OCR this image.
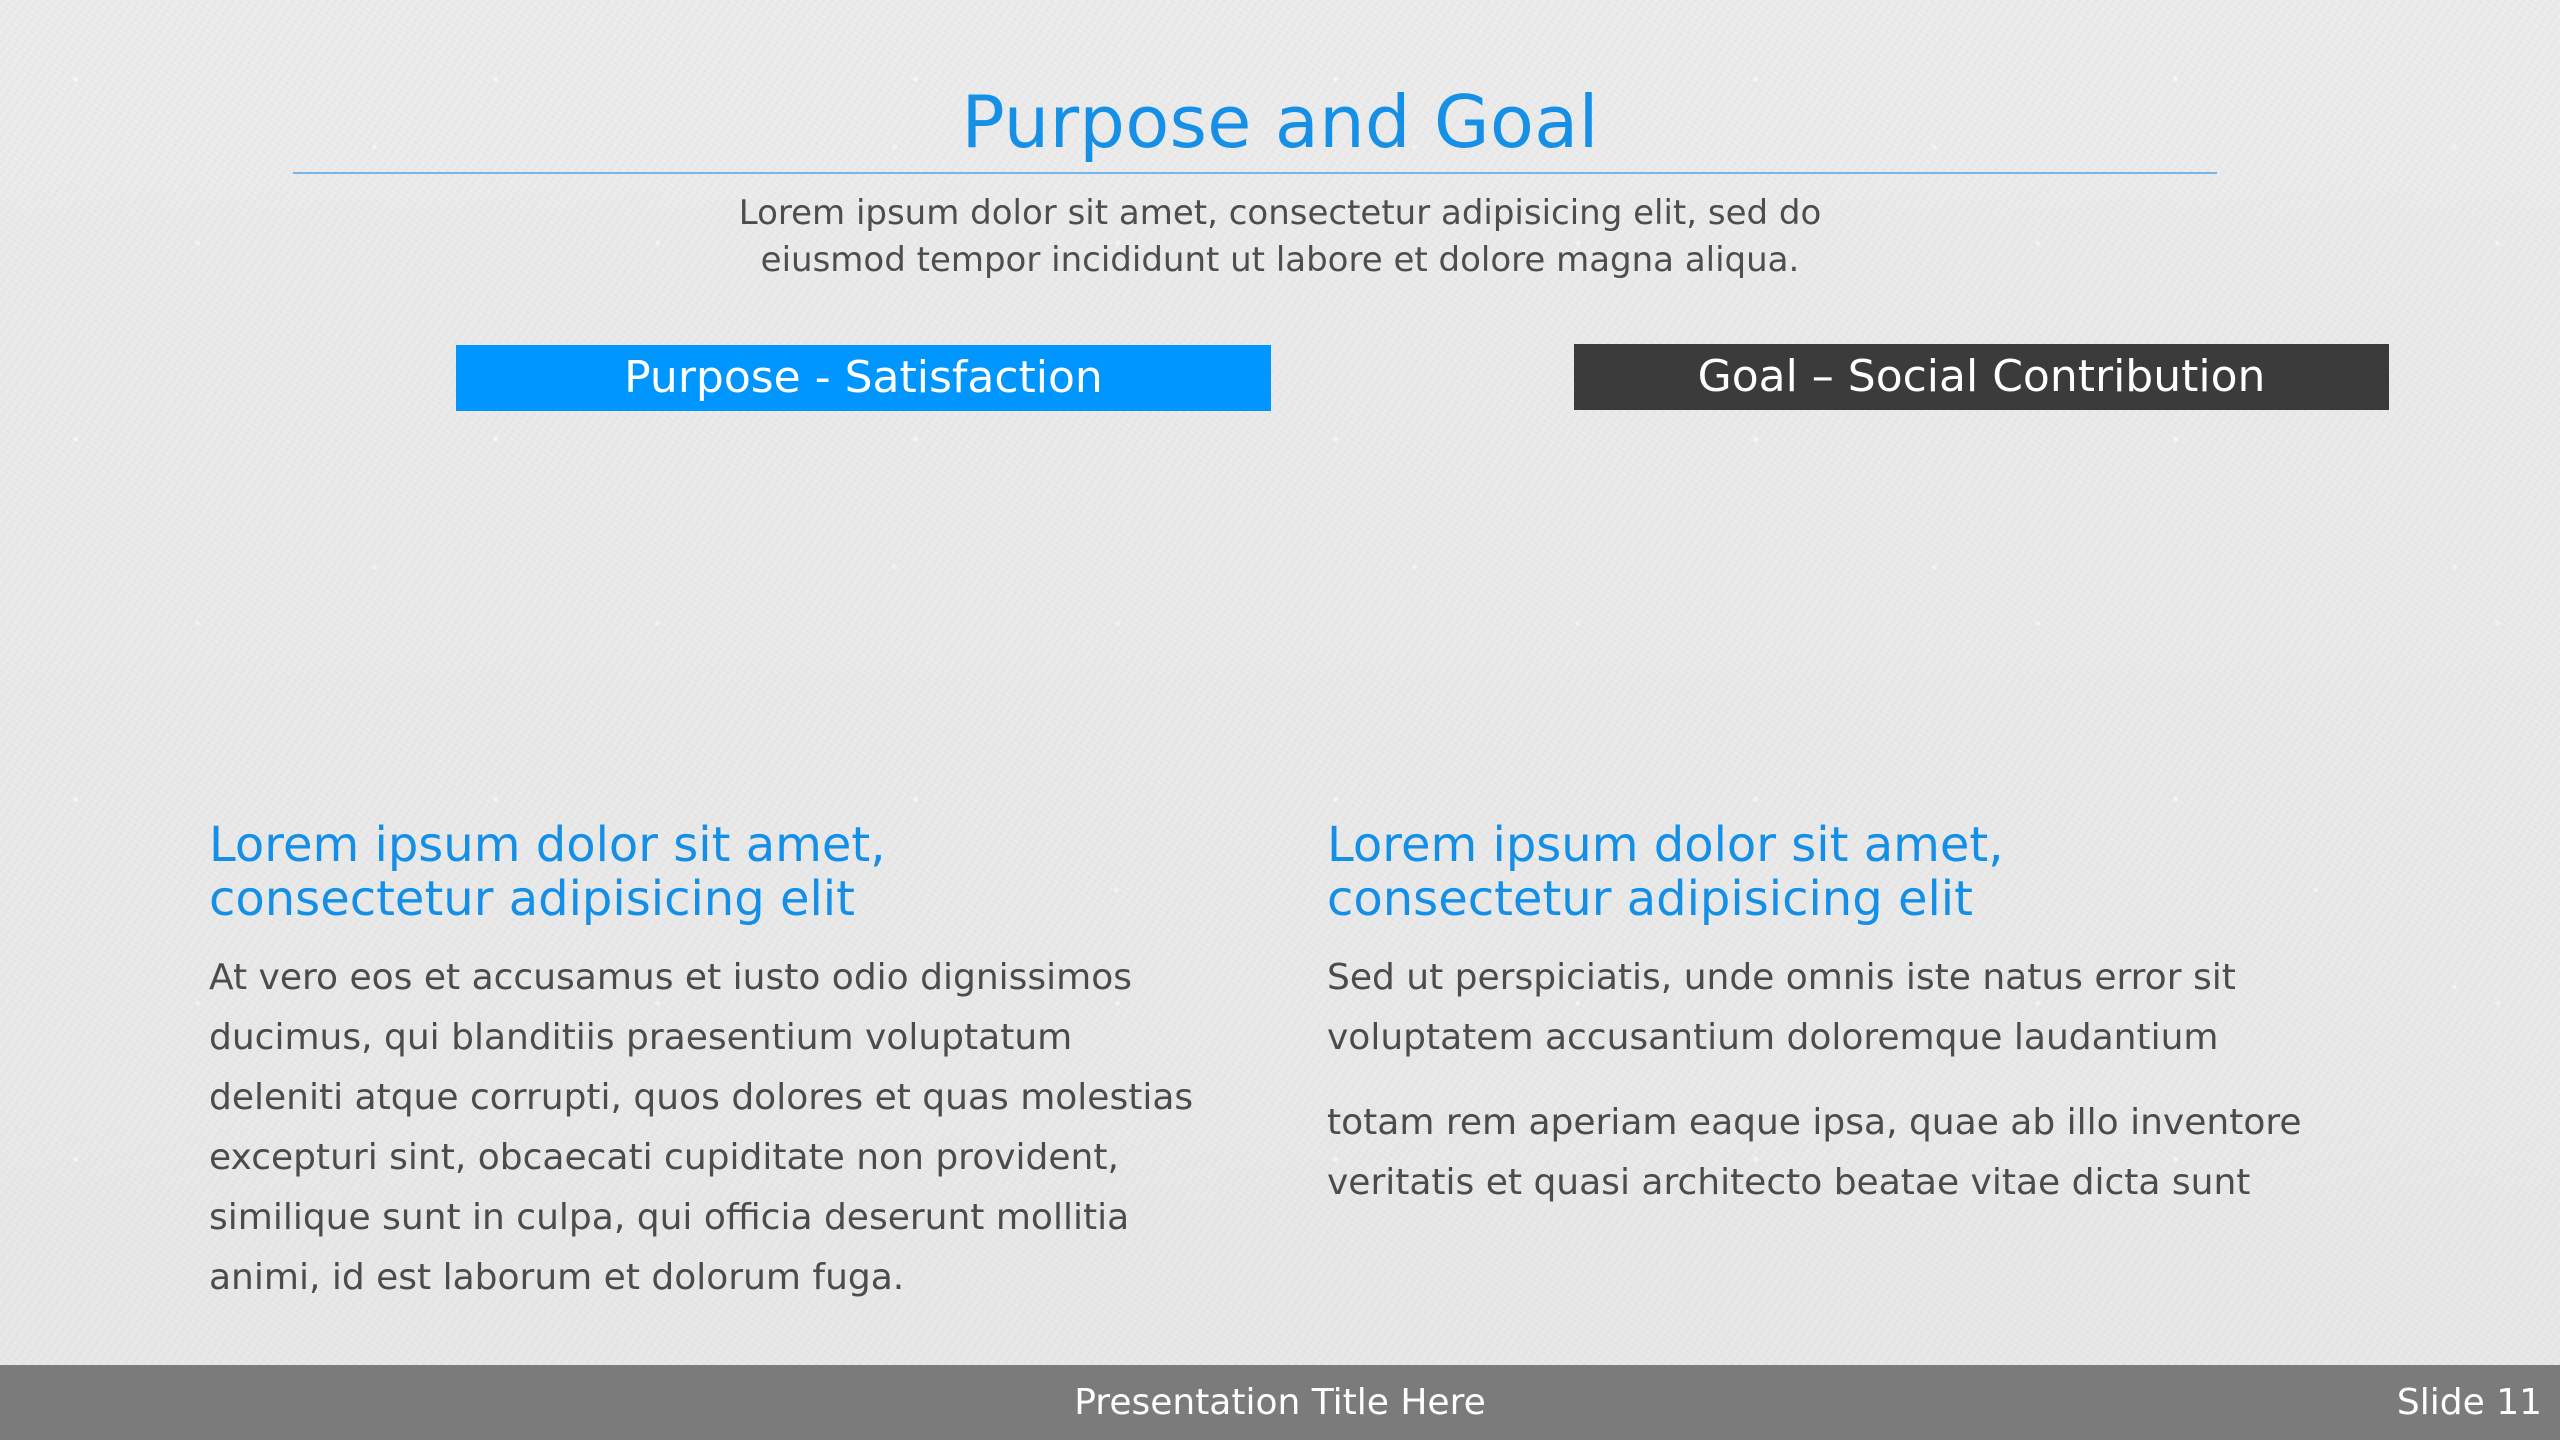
Purpose and Goal
Lorem ipsum dolor sit amet, consectetur adipisicing elit, sed do
eiusmod tempor incididunt ut labore et dolore magna aliqua.
Purpose - Satisfaction	Goal – Social Contribution
Lorem ipsum dolor sit amet,
consectetur adipisicing elit

At vero eos et accusamus et iusto odio dignissimos
ducimus, qui blanditiis praesentium voluptatum
deleniti atque corrupti, quos dolores et quas molestias
excepturi sint, obcaecati cupiditate non provident,
similique sunt in culpa, qui officia deserunt mollitia
animi, id est laborum et dolorum fuga.

Lorem ipsum dolor sit amet,
consectetur adipisicing elit

Sed ut perspiciatis, unde omnis iste natus error sit
voluptatem accusantium doloremque laudantium

totam rem aperiam eaque ipsa, quae ab illo inventore
veritatis et quasi architecto beatae vitae dicta sunt

Presentation Title Here	Slide 11
